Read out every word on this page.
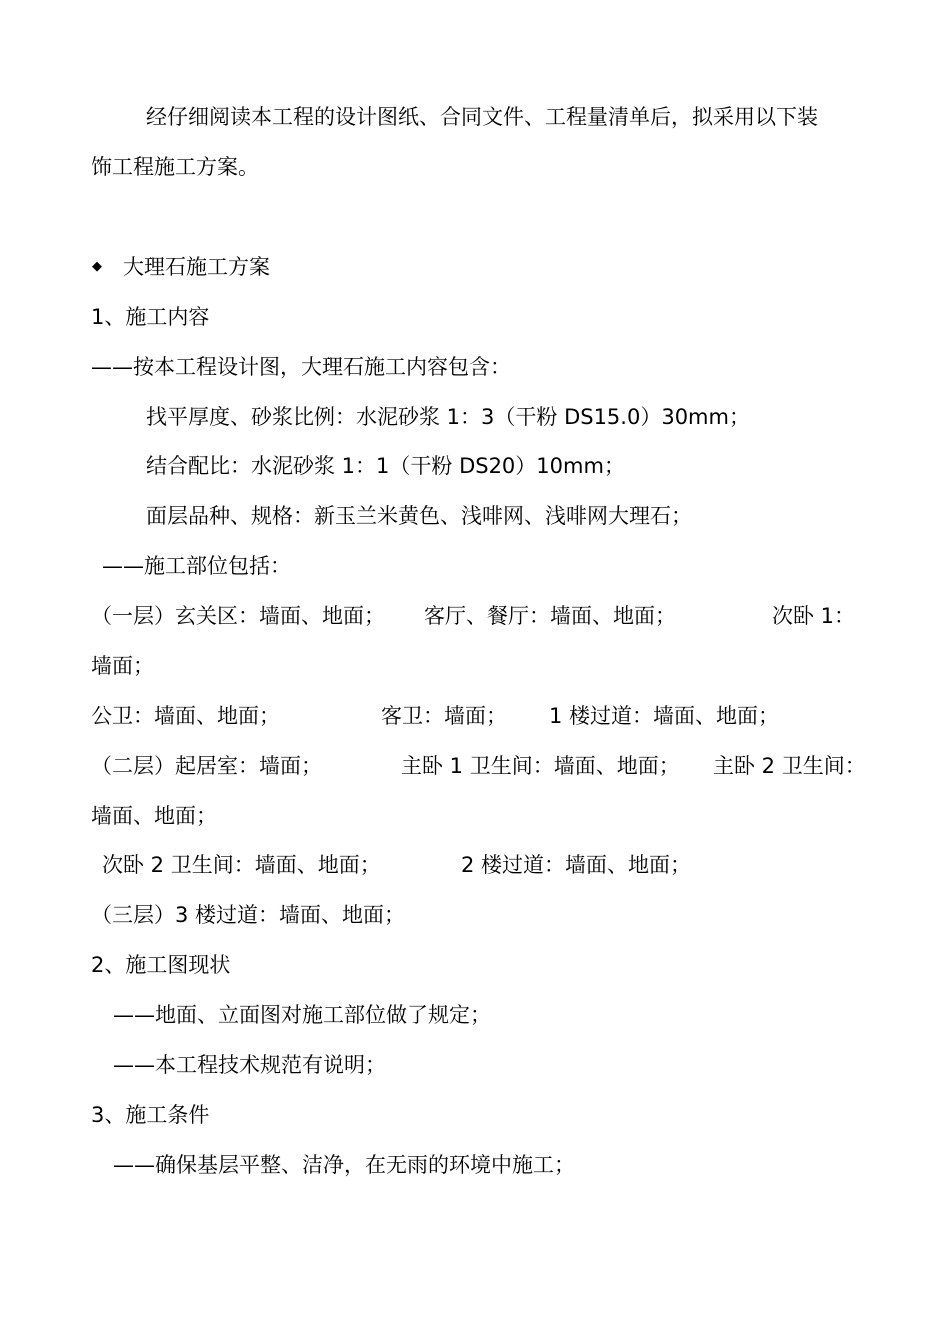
经仔细阅读本工程的设计图纸、合同文件、工程量清单后，拟采用以下装
饰工程施工方案。
◆ 大理石施工方案
1、施工内容
——按本工程设计图，大理石施工内容包含：
找平厚度、砂浆比例：水泥砂浆 1：3（干粉 DS15.0）30mm；
结合配比：水泥砂浆 1：1（干粉 DS20）10mm；
面层品种、规格：新玉兰米黄色、浅啡网、浅啡网大理石；
——施工部位包括：
（一层）玄关区：墙面、地面； 客厅、餐厅：墙面、地面；	次卧 1：
墙面；
公卫：墙面、地面；	客卫：墙面； 1 楼过道：墙面、地面；
（二层）起居室：墙面；	主卧 1 卫生间：墙面、地面； 主卧 2 卫生间：
墙面、地面；
次卧 2 卫生间：墙面、地面；	2 楼过道：墙面、地面；
（三层）3 楼过道：墙面、地面；
2、施工图现状
——地面、立面图对施工部位做了规定；
——本工程技术规范有说明；
3、施工条件
——确保基层平整、洁净，在无雨的环境中施工；
